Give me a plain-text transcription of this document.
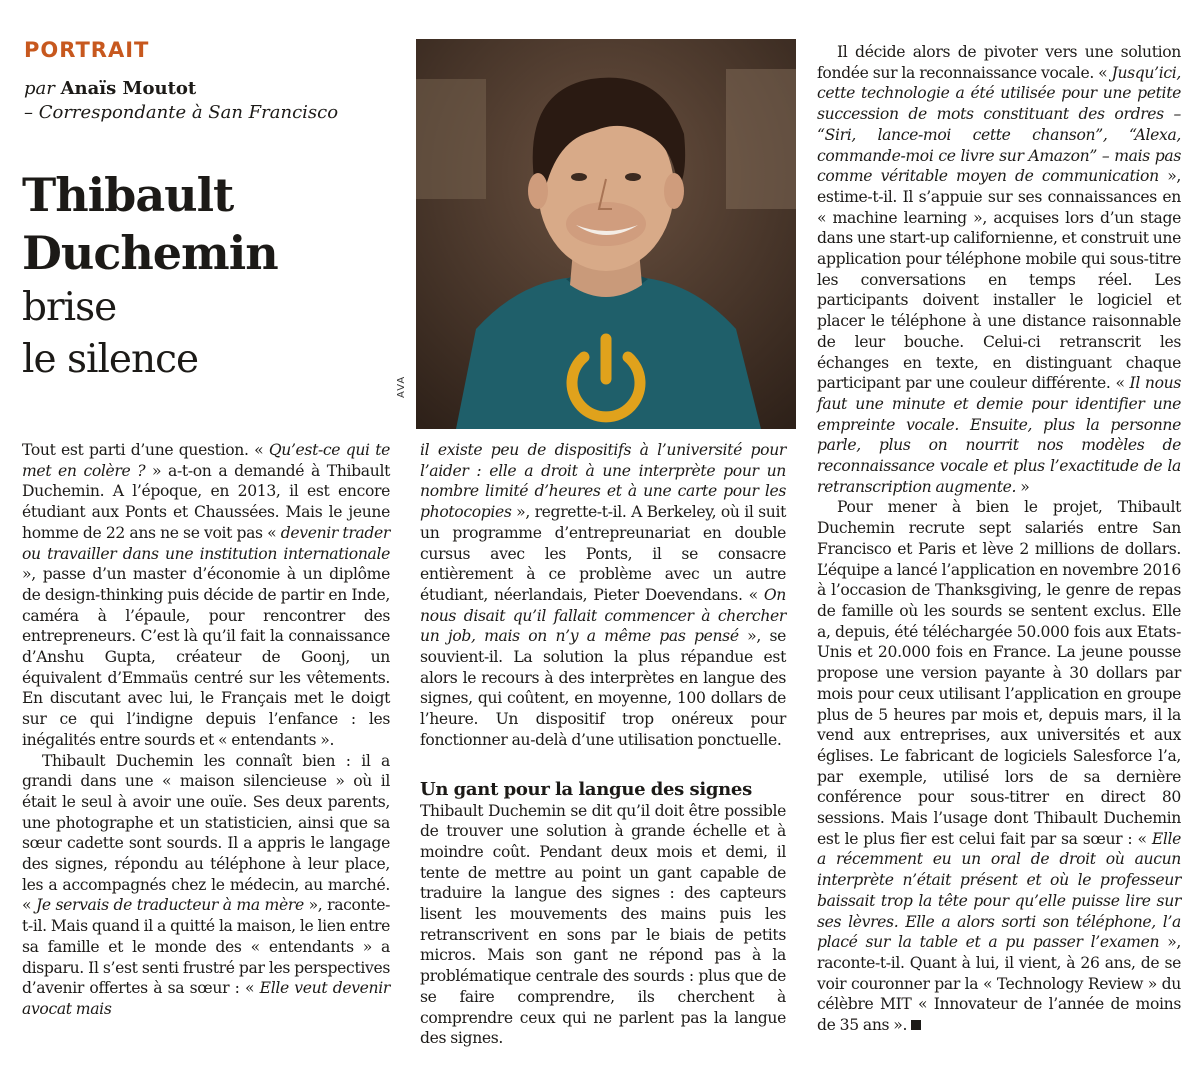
PORTRAIT
par Anaïs Moutot
– Correspondante à San Francisco
Thibault
Duchemin
brise
le silence
AVA

Tout est parti d’une question. « Qu’est-ce qui te met en colère ? » a-t-on a demandé à Thibault Duchemin. A l’époque, en 2013, il est encore étudiant aux Ponts et Chaussées. Mais le jeune homme de 22 ans ne se voit pas « devenir trader ou travailler dans une institution internationale », passe d’un master d’économie à un diplôme de design-thinking puis décide de partir en Inde, caméra à l’épaule, pour rencontrer des entrepreneurs. C’est là qu’il fait la connaissance d’Anshu Gupta, créateur de Goonj, un équivalent d’Emmaüs centré sur les vêtements. En discutant avec lui, le Français met le doigt sur ce qui l’indigne depuis l’enfance : les inégalités entre sourds et « entendants ».

Thibault Duchemin les connaît bien : il a grandi dans une « maison silencieuse » où il était le seul à avoir une ouïe. Ses deux parents, une photographe et un statisticien, ainsi que sa sœur cadette sont sourds. Il a appris le langage des signes, répondu au téléphone à leur place, les a accompagnés chez le médecin, au marché. « Je servais de traducteur à ma mère », raconte-t-il. Mais quand il a quitté la maison, le lien entre sa famille et le monde des « entendants » a disparu. Il s’est senti frustré par les perspectives d’avenir offertes à sa sœur : « Elle veut devenir avocat mais

il existe peu de dispositifs à l’université pour l’aider : elle a droit à une interprète pour un nombre limité d’heures et à une carte pour les photocopies », regrette-t-il. A Berkeley, où il suit un programme d’entrepreunariat en double cursus avec les Ponts, il se consacre entièrement à ce problème avec un autre étudiant, néerlandais, Pieter Doevendans. « On nous disait qu’il fallait commencer à chercher un job, mais on n’y a même pas pensé », se souvient-il. La solution la plus répandue est alors le recours à des interprètes en langue des signes, qui coûtent, en moyenne, 100 dollars de l’heure. Un dispositif trop onéreux pour fonctionner au-delà d’une utilisation ponctuelle.

Un gant pour la langue des signes

Thibault Duchemin se dit qu’il doit être possible de trouver une solution à grande échelle et à moindre coût. Pendant deux mois et demi, il tente de mettre au point un gant capable de traduire la langue des signes : des capteurs lisent les mouvements des mains puis les retranscrivent en sons par le biais de petits micros. Mais son gant ne répond pas à la problématique centrale des sourds : plus que de se faire comprendre, ils cherchent à comprendre ceux qui ne parlent pas la langue des signes.

Il décide alors de pivoter vers une solution fondée sur la reconnaissance vocale. « Jusqu’ici, cette technologie a été utilisée pour une petite succession de mots constituant des ordres – “Siri, lance-moi cette chanson”, “Alexa, commande-moi ce livre sur Amazon” – mais pas comme véritable moyen de communication », estime-t-il. Il s’appuie sur ses connaissances en « machine learning », acquises lors d’un stage dans une start-up californienne, et construit une application pour téléphone mobile qui sous-titre les conversations en temps réel. Les participants doivent installer le logiciel et placer le téléphone à une distance raisonnable de leur bouche. Celui-ci retranscrit les échanges en texte, en distinguant chaque participant par une couleur différente. « Il nous faut une minute et demie pour identifier une empreinte vocale. Ensuite, plus la personne parle, plus on nourrit nos modèles de reconnaissance vocale et plus l’exactitude de la retranscription augmente. »

Pour mener à bien le projet, Thibault Duchemin recrute sept salariés entre San Francisco et Paris et lève 2 millions de dollars. L’équipe a lancé l’application en novembre 2016 à l’occasion de Thanksgiving, le genre de repas de famille où les sourds se sentent exclus. Elle a, depuis, été téléchargée 50.000 fois aux Etats-Unis et 20.000 fois en France. La jeune pousse propose une version payante à 30 dollars par mois pour ceux utilisant l’application en groupe plus de 5 heures par mois et, depuis mars, il la vend aux entreprises, aux universités et aux églises. Le fabricant de logiciels Salesforce l’a, par exemple, utilisé lors de sa dernière conférence pour sous-titrer en direct 80 sessions. Mais l’usage dont Thibault Duchemin est le plus fier est celui fait par sa sœur : « Elle a récemment eu un oral de droit où aucun interprète n’était présent et où le professeur baissait trop la tête pour qu’elle puisse lire sur ses lèvres. Elle a alors sorti son téléphone, l’a placé sur la table et a pu passer l’examen », raconte-t-il. Quant à lui, il vient, à 26 ans, de se voir couronner par la « Technology Review » du célèbre MIT « Innovateur de l’année de moins de 35 ans ».
